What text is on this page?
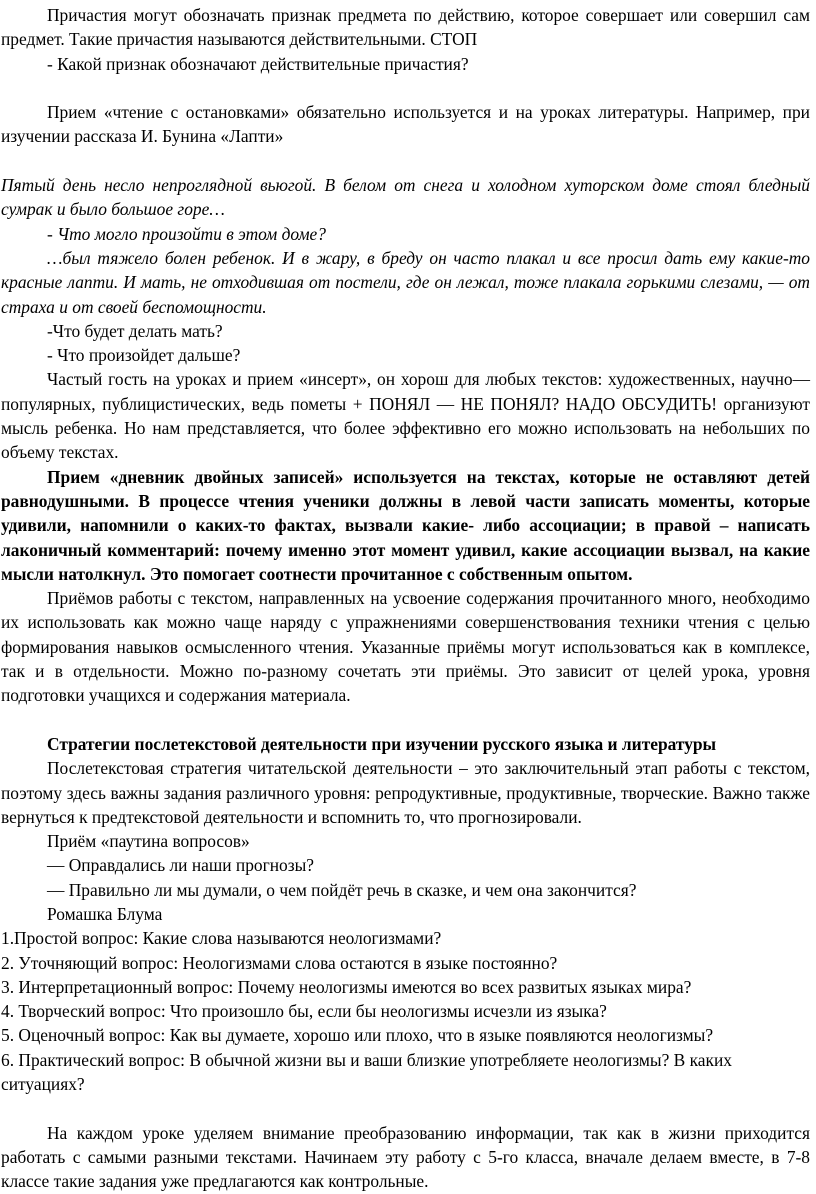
Причастия могут обозначать признак предмета по действию, которое совершает или совершил сам предмет. Такие причастия называются действительными. СТОП

- Какой признак обозначают действительные причастия?

Прием «чтение с остановками» обязательно используется и на уроках литературы. Например, при изучении рассказа И. Бунина «Лапти»

Пятый день несло непроглядной вьюгой. В белом от снега и холодном хуторском доме стоял бледный сумрак и было большое горе…

- Что могло произойти в этом доме?

…был тяжело болен ребенок. И в жару, в бреду он часто плакал и все просил дать ему какие-то красные лапти. И мать, не отходившая от постели, где он лежал, тоже плакала горькими слезами, — от страха и от своей беспомощности.

-Что будет делать мать?

- Что произойдет дальше?

Частый гость на уроках и прием «инсерт», он хорош для любых текстов: художественных, научно—популярных, публицистических, ведь пометы + ПОНЯЛ — НЕ ПОНЯЛ? НАДО ОБСУДИТЬ! организуют мысль ребенка. Но нам представляется, что более эффективно его можно использовать на небольших по объему текстах.

Прием «дневник двойных записей» используется на текстах, которые не оставляют детей равнодушными. В процессе чтения ученики должны в левой части записать моменты, которые удивили, напомнили о каких-то фактах, вызвали какие- либо ассоциации; в правой – написать лаконичный комментарий: почему именно этот момент удивил, какие ассоциации вызвал, на какие мысли натолкнул. Это помогает соотнести прочитанное с собственным опытом.

Приёмов работы с текстом, направленных на усвоение содержания прочитанного много, необходимо их использовать как можно чаще наряду с упражнениями совершенствования техники чтения с целью формирования навыков осмысленного чтения. Указанные приёмы могут использоваться как в комплексе, так и в отдельности. Можно по-разному сочетать эти приёмы. Это зависит от целей урока, уровня подготовки учащихся и содержания материала.

Стратегии послетекстовой деятельности при изучении русского языка и литературы

Послетекстовая стратегия читательской деятельности – это заключительный этап работы с текстом, поэтому здесь важны задания различного уровня: репродуктивные, продуктивные, творческие. Важно также вернуться к предтекстовой деятельности и вспомнить то, что прогнозировали.

Приём «паутина вопросов»

— Оправдались ли наши прогнозы?

— Правильно ли мы думали, о чем пойдёт речь в сказке, и чем она закончится?

Ромашка Блума

1.Простой вопрос: Какие слова называются неологизмами?

2. Уточняющий вопрос: Неологизмами слова остаются в языке постоянно?

3. Интерпретационный вопрос: Почему неологизмы имеются во всех развитых языках мира?

4. Творческий вопрос: Что произошло бы, если бы неологизмы исчезли из языка?

5. Оценочный вопрос: Как вы думаете, хорошо или плохо, что в языке появляются неологизмы?

6. Практический вопрос: В обычной жизни вы и ваши близкие употребляете неологизмы? В каких ситуациях?

На каждом уроке уделяем внимание преобразованию информации, так как в жизни приходится работать с самыми разными текстами. Начинаем эту работу с 5-го класса, вначале делаем вместе, в 7-8 классе такие задания уже предлагаются как контрольные.
